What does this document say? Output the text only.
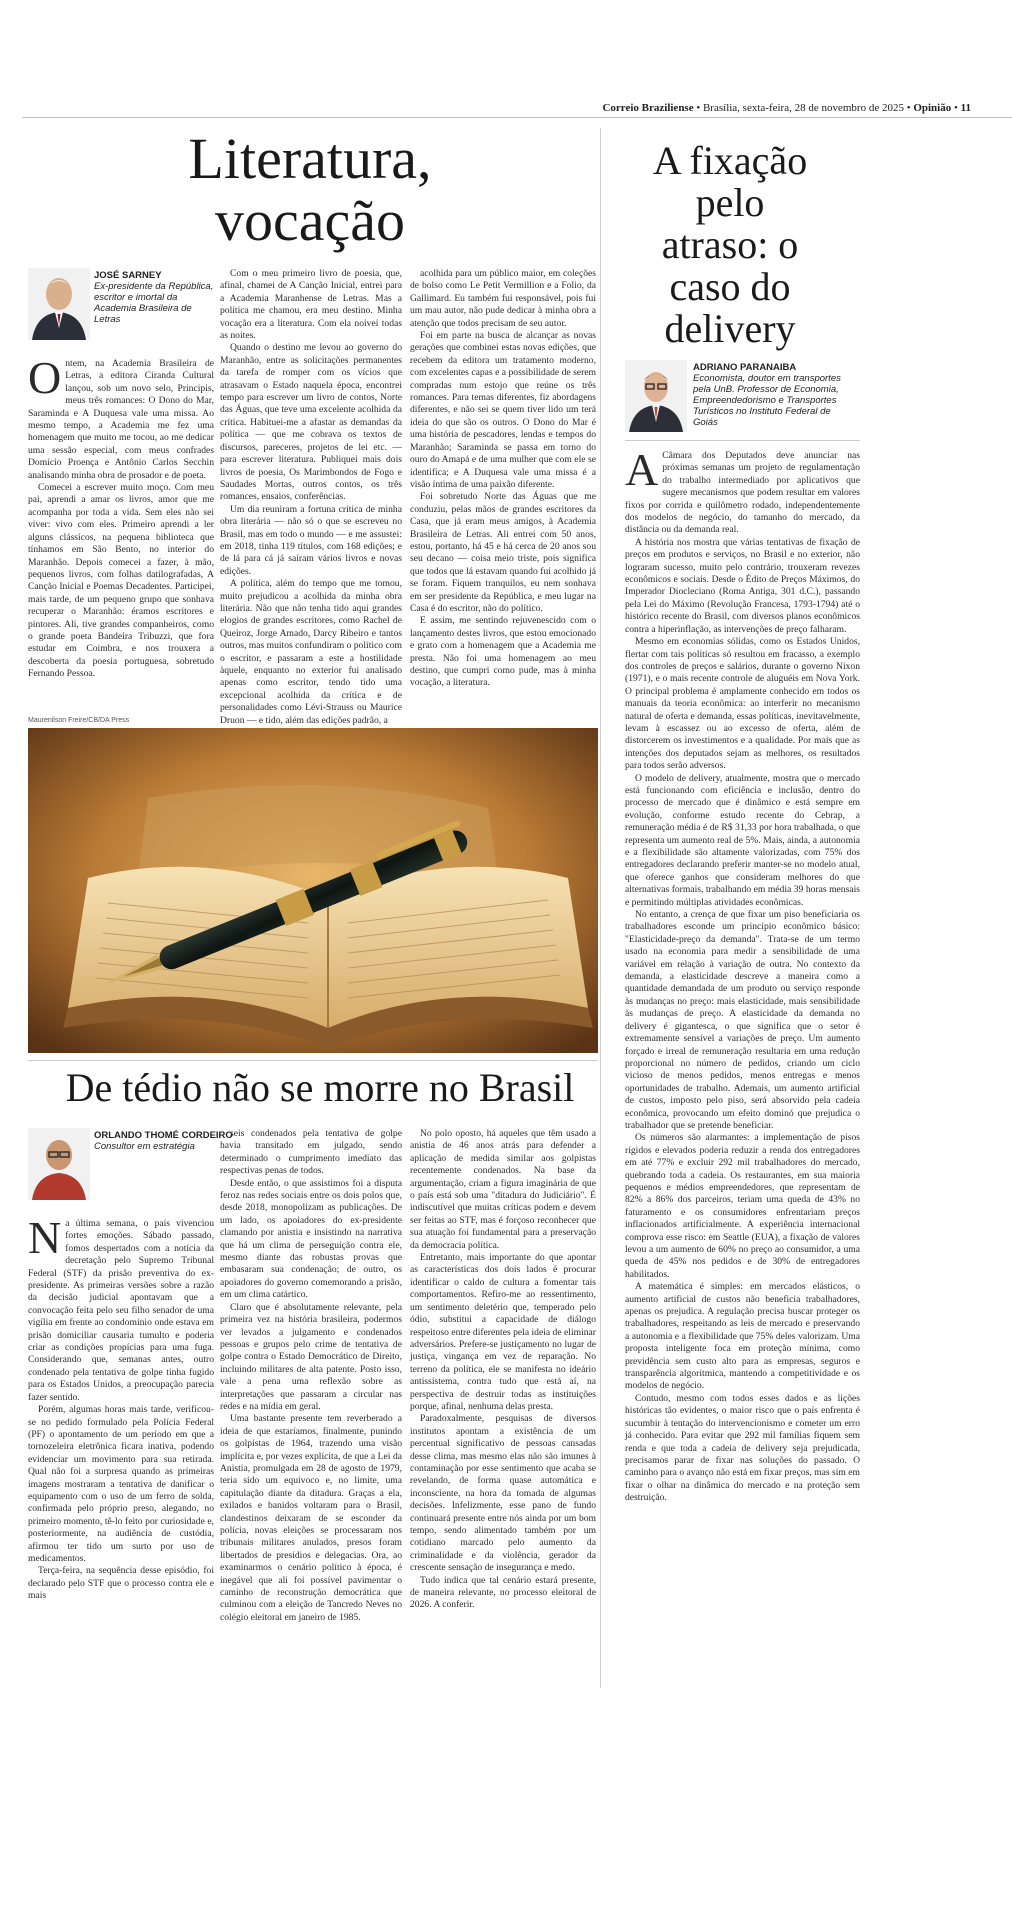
Correio Braziliense • Brasília, sexta-feira, 28 de novembro de 2025 • Opinião • 11
Literatura,
vocação
JOSÉ SARNEY
Ex-presidente da República, escritor e imortal da Academia Brasileira de Letras

Ontem, na Academia Brasileira de Letras, a editora Ciranda Cultural lançou, sob um novo selo, Principis, meus três romances: O Dono do Mar, Saraminda e A Duquesa vale uma missa. Ao mesmo tempo, a Academia me fez uma homenagem que muito me tocou, ao me dedicar uma sessão especial, com meus confrades Domício Proença e Antônio Carlos Secchin analisando minha obra de prosador e de poeta.

Comecei a escrever muito moço. Com meu pai, aprendi a amar os livros, amor que me acompanha por toda a vida. Sem eles não sei viver: vivo com eles. Primeiro aprendi a ler alguns clássicos, na pequena biblioteca que tínhamos em São Bento, no interior do Maranhão. Depois comecei a fazer, à mão, pequenos livros, com folhas datilografadas, A Canção Inicial e Poemas Decadentes. Participei, mais tarde, de um pequeno grupo que sonhava recuperar o Maranhão: éramos escritores e pintores. Ali, tive grandes companheiros, como o grande poeta Bandeira Tribuzzi, que fora estudar em Coimbra, e nos trouxera a descoberta da poesia portuguesa, sobretudo Fernando Pessoa.

Com o meu primeiro livro de poesia, que, afinal, chamei de A Canção Inicial, entrei para a Academia Maranhense de Letras. Mas a política me chamou, era meu destino. Minha vocação era a literatura. Com ela noivei todas as noites.

Quando o destino me levou ao governo do Maranhão, entre as solicitações permanentes da tarefa de romper com os vícios que atrasavam o Estado naquela época, encontrei tempo para escrever um livro de contos, Norte das Águas, que teve uma excelente acolhida da crítica. Habituei-me a afastar as demandas da política — que me cobrava os textos de discursos, pareceres, projetos de lei etc. — para escrever literatura. Publiquei mais dois livros de poesia, Os Marimbondos de Fogo e Saudades Mortas, outros contos, os três romances, ensaios, conferências.

Um dia reuniram a fortuna crítica de minha obra literária — não só o que se escreveu no Brasil, mas em todo o mundo — e me assustei: em 2018, tinha 119 títulos, com 168 edições; e de lá para cá já saíram vários livros e novas edições.

A política, além do tempo que me tomou, muito prejudicou a acolhida da minha obra literária. Não que não tenha tido aqui grandes elogios de grandes escritores, como Rachel de Queiroz, Jorge Amado, Darcy Ribeiro e tantos outros, mas muitos confundiram o político com o escritor, e passaram a este a hostilidade àquele, enquanto no exterior fui analisado apenas como escritor, tendo tido uma excepcional acolhida da crítica e de personalidades como Lévi-Strauss ou Maurice Druon — e tido, além das edições padrão, a

acolhida para um público maior, em coleções de bolso como Le Petit Vermillion e a Folio, da Gallimard. Eu também fui responsável, pois fui um mau autor, não pude dedicar à minha obra a atenção que todos precisam de seu autor.

Foi em parte na busca de alcançar as novas gerações que combinei estas novas edições, que recebem da editora um tratamento moderno, com excelentes capas e a possibilidade de serem compradas num estojo que reúne os três romances. Para temas diferentes, fiz abordagens diferentes, e não sei se quem tiver lido um terá ideia do que são os outros. O Dono do Mar é uma história de pescadores, lendas e tempos do Maranhão; Saraminda se passa em torno do ouro do Amapá e de uma mulher que com ele se identifica; e A Duquesa vale uma missa é a visão íntima de uma paixão diferente.

Foi sobretudo Norte das Águas que me conduziu, pelas mãos de grandes escritores da Casa, que já eram meus amigos, à Academia Brasileira de Letras. Ali entrei com 50 anos, estou, portanto, há 45 e há cerca de 20 anos sou seu decano — coisa meio triste, pois significa que todos que lá estavam quando fui acolhido já se foram. Fiquem tranquilos, eu nem sonhava em ser presidente da República, e meu lugar na Casa é do escritor, não do político.

E assim, me sentindo rejuvenescido com o lançamento destes livros, que estou emocionado e grato com a homenagem que a Academia me presta. Não foi uma homenagem ao meu destino, que cumpri como pude, mas à minha vocação, a literatura.

Maurenilson Freire/CB/DA Press
De tédio não se morre no Brasil
ORLANDO THOMÉ CORDEIRO
Consultor em estratégia

Na última semana, o país vivenciou fortes emoções. Sábado passado, fomos despertados com a notícia da decretação pelo Supremo Tribunal Federal (STF) da prisão preventiva do ex-presidente. As primeiras versões sobre a razão da decisão judicial apontavam que a convocação feita pelo seu filho senador de uma vigília em frente ao condomínio onde estava em prisão domiciliar causaria tumulto e poderia criar as condições propícias para uma fuga. Considerando que, semanas antes, outro condenado pela tentativa de golpe tinha fugido para os Estados Unidos, a preocupação parecia fazer sentido.

Porém, algumas horas mais tarde, verificou-se no pedido formulado pela Polícia Federal (PF) o apontamento de um período em que a tornozeleira eletrônica ficara inativa, podendo evidenciar um movimento para sua retirada. Qual não foi a surpresa quando as primeiras imagens mostraram a tentativa de danificar o equipamento com o uso de um ferro de solda, confirmada pelo próprio preso, alegando, no primeiro momento, tê-lo feito por curiosidade e, posteriormente, na audiência de custódia, afirmou ter tido um surto por uso de medicamentos.

Terça-feira, na sequência desse episódio, foi declarado pelo STF que o processo contra ele e mais

seis condenados pela tentativa de golpe havia transitado em julgado, sendo determinado o cumprimento imediato das respectivas penas de todos.

Desde então, o que assistimos foi a disputa feroz nas redes sociais entre os dois polos que, desde 2018, monopolizam as publicações. De um lado, os apoiadores do ex-presidente clamando por anistia e insistindo na narrativa que há um clima de perseguição contra ele, mesmo diante das robustas provas que embasaram sua condenação; de outro, os apoiadores do governo comemorando a prisão, em um clima catártico.

Claro que é absolutamente relevante, pela primeira vez na história brasileira, podermos ver levados a julgamento e condenados pessoas e grupos pelo crime de tentativa de golpe contra o Estado Democrático de Direito, incluindo militares de alta patente. Posto isso, vale a pena uma reflexão sobre as interpretações que passaram a circular nas redes e na mídia em geral.

Uma bastante presente tem reverberado a ideia de que estaríamos, finalmente, punindo os golpistas de 1964, trazendo uma visão implícita e, por vezes explícita, de que a Lei da Anistia, promulgada em 28 de agosto de 1979, teria sido um equívoco e, no limite, uma capitulação diante da ditadura. Graças a ela, exilados e banidos voltaram para o Brasil, clandestinos deixaram de se esconder da polícia, novas eleições se processaram nos tribunais militares anulados, presos foram libertados de presídios e delegacias. Ora, ao examinarmos o cenário político à época, é inegável que ali foi possível pavimentar o caminho de reconstrução democrática que culminou com a eleição de Tancredo Neves no colégio eleitoral em janeiro de 1985.

No polo oposto, há aqueles que têm usado a anistia de 46 anos atrás para defender a aplicação de medida similar aos golpistas recentemente condenados. Na base da argumentação, criam a figura imaginária de que o país está sob uma "ditadura do Judiciário". É indiscutível que muitas críticas podem e devem ser feitas ao STF, mas é forçoso reconhecer que sua atuação foi fundamental para a preservação da democracia política.

Entretanto, mais importante do que apontar as características dos dois lados é procurar identificar o caldo de cultura a fomentar tais comportamentos. Refiro-me ao ressentimento, um sentimento deletério que, temperado pelo ódio, substitui a capacidade de diálogo respeitoso entre diferentes pela ideia de eliminar adversários. Prefere-se justiçamento no lugar de justiça, vingança em vez de reparação. No terreno da política, ele se manifesta no ideário antissistema, contra tudo que está aí, na perspectiva de destruir todas as instituições porque, afinal, nenhuma delas presta.

Paradoxalmente, pesquisas de diversos institutos apontam a existência de um percentual significativo de pessoas cansadas desse clima, mas mesmo elas não são imunes à contaminação por esse sentimento que acaba se revelando, de forma quase automática e inconsciente, na hora da tomada de algumas decisões. Infelizmente, esse pano de fundo continuará presente entre nós ainda por um bom tempo, sendo alimentado também por um cotidiano marcado pelo aumento da criminalidade e da violência, gerador da crescente sensação de insegurança e medo.

Tudo indica que tal cenário estará presente, de maneira relevante, no processo eleitoral de 2026. A conferir.

A fixação
pelo
atraso: o
caso do
delivery
ADRIANO PARANAIBA
Economista, doutor em transportes pela UnB. Professor de Economia, Empreendedorismo e Transportes Turísticos no Instituto Federal de Goiás

A Câmara dos Deputados deve anunciar nas próximas semanas um projeto de regulamentação do trabalho intermediado por aplicativos que sugere mecanismos que podem resultar em valores fixos por corrida e quilômetro rodado, independentemente dos modelos de negócio, do tamanho do mercado, da distância ou da demanda real.

A história nos mostra que várias tentativas de fixação de preços em produtos e serviços, no Brasil e no exterior, não lograram sucesso, muito pelo contrário, trouxeram revezes econômicos e sociais. Desde o Édito de Preços Máximos, do Imperador Diocleciano (Roma Antiga, 301 d.C.), passando pela Lei do Máximo (Revolução Francesa, 1793-1794) até o histórico recente do Brasil, com diversos planos econômicos contra a hiperinflação, as intervenções de preço falharam.

Mesmo em economias sólidas, como os Estados Unidos, flertar com tais políticas só resultou em fracasso, a exemplo dos controles de preços e salários, durante o governo Nixon (1971), e o mais recente controle de aluguéis em Nova York. O principal problema é amplamente conhecido em todos os manuais da teoria econômica: ao interferir no mecanismo natural de oferta e demanda, essas políticas, inevitavelmente, levam à escassez ou ao excesso de oferta, além de distorcerem os investimentos e a qualidade. Por mais que as intenções dos deputados sejam as melhores, os resultados para todos serão adversos.

O modelo de delivery, atualmente, mostra que o mercado está funcionando com eficiência e inclusão, dentro do processo de mercado que é dinâmico e está sempre em evolução, conforme estudo recente do Cebrap, a remuneração média é de R$ 31,33 por hora trabalhada, o que representa um aumento real de 5%. Mais, ainda, a autonomia e a flexibilidade são altamente valorizadas, com 75% dos entregadores declarando preferir manter-se no modelo atual, que oferece ganhos que consideram melhores do que alternativas formais, trabalhando em média 39 horas mensais e permitindo múltiplas atividades econômicas.

No entanto, a crença de que fixar um piso beneficiaria os trabalhadores esconde um princípio econômico básico: "Elasticidade-preço da demanda". Trata-se de um termo usado na economia para medir a sensibilidade de uma variável em relação à variação de outra. No contexto da demanda, a elasticidade descreve a maneira como a quantidade demandada de um produto ou serviço responde às mudanças no preço: mais elasticidade, mais sensibilidade às mudanças de preço. A elasticidade da demanda no delivery é gigantesca, o que significa que o setor é extremamente sensível a variações de preço. Um aumento forçado e irreal de remuneração resultaria em uma redução proporcional no número de pedidos, criando um ciclo vicioso de menos pedidos, menos entregas e menos oportunidades de trabalho. Ademais, um aumento artificial de custos, imposto pelo piso, será absorvido pela cadeia econômica, provocando um efeito dominó que prejudica o trabalhador que se pretende beneficiar.

Os números são alarmantes: a implementação de pisos rígidos e elevados poderia reduzir a renda dos entregadores em até 77% e excluir 292 mil trabalhadores do mercado, quebrando toda a cadeia. Os restaurantes, em sua maioria pequenos e médios empreendedores, que representam de 82% a 86% dos parceiros, teriam uma queda de 43% no faturamento e os consumidores enfrentariam preços inflacionados artificialmente. A experiência internacional comprova esse risco: em Seattle (EUA), a fixação de valores levou a um aumento de 60% no preço ao consumidor, a uma queda de 45% nos pedidos e de 30% de entregadores habilitados.

A matemática é simples: em mercados elásticos, o aumento artificial de custos não beneficia trabalhadores, apenas os prejudica. A regulação precisa buscar proteger os trabalhadores, respeitando as leis de mercado e preservando a autonomia e a flexibilidade que 75% deles valorizam. Uma proposta inteligente foca em proteção mínima, como previdência sem custo alto para as empresas, seguros e transparência algorítmica, mantendo a competitividade e os modelos de negócio.

Contudo, mesmo com todos esses dados e as lições históricas tão evidentes, o maior risco que o país enfrenta é sucumbir à tentação do intervencionismo e cometer um erro já conhecido. Para evitar que 292 mil famílias fiquem sem renda e que toda a cadeia de delivery seja prejudicada, precisamos parar de fixar nas soluções do passado. O caminho para o avanço não está em fixar preços, mas sim em fixar o olhar na dinâmica do mercado e na proteção sem destruição.
